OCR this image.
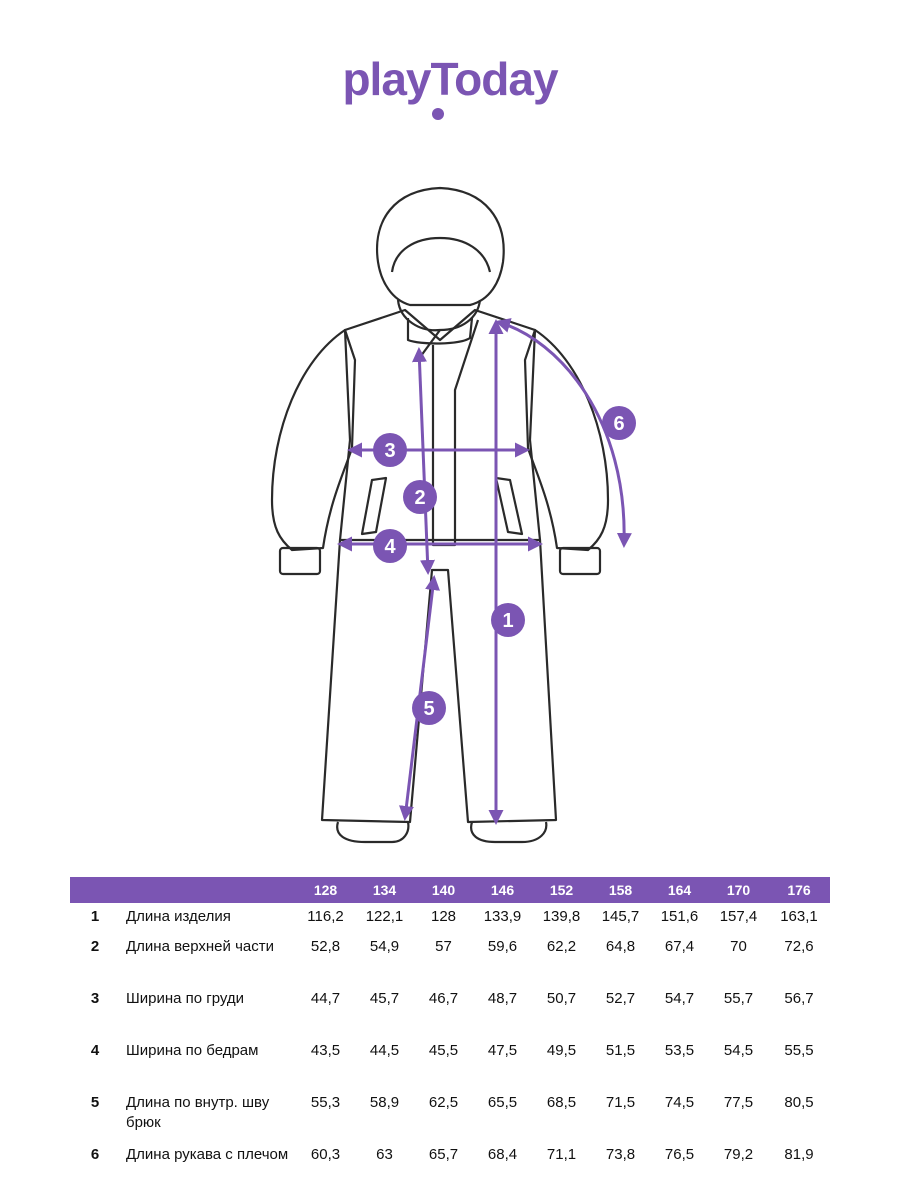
playToday
1
2
3
4
5
6
		128	134	140	146	152	158	164	170	176
1	Длина изделия	116,2	122,1	128	133,9	139,8	145,7	151,6	157,4	163,1
2	Длина верхней части	52,8	54,9	57	59,6	62,2	64,8	67,4	70	72,6
3	Ширина по груди	44,7	45,7	46,7	48,7	50,7	52,7	54,7	55,7	56,7
4	Ширина по бедрам	43,5	44,5	45,5	47,5	49,5	51,5	53,5	54,5	55,5
5	Длина по внутр. шву брюк	55,3	58,9	62,5	65,5	68,5	71,5	74,5	77,5	80,5
6	Длина рукава с плечом	60,3	63	65,7	68,4	71,1	73,8	76,5	79,2	81,9
